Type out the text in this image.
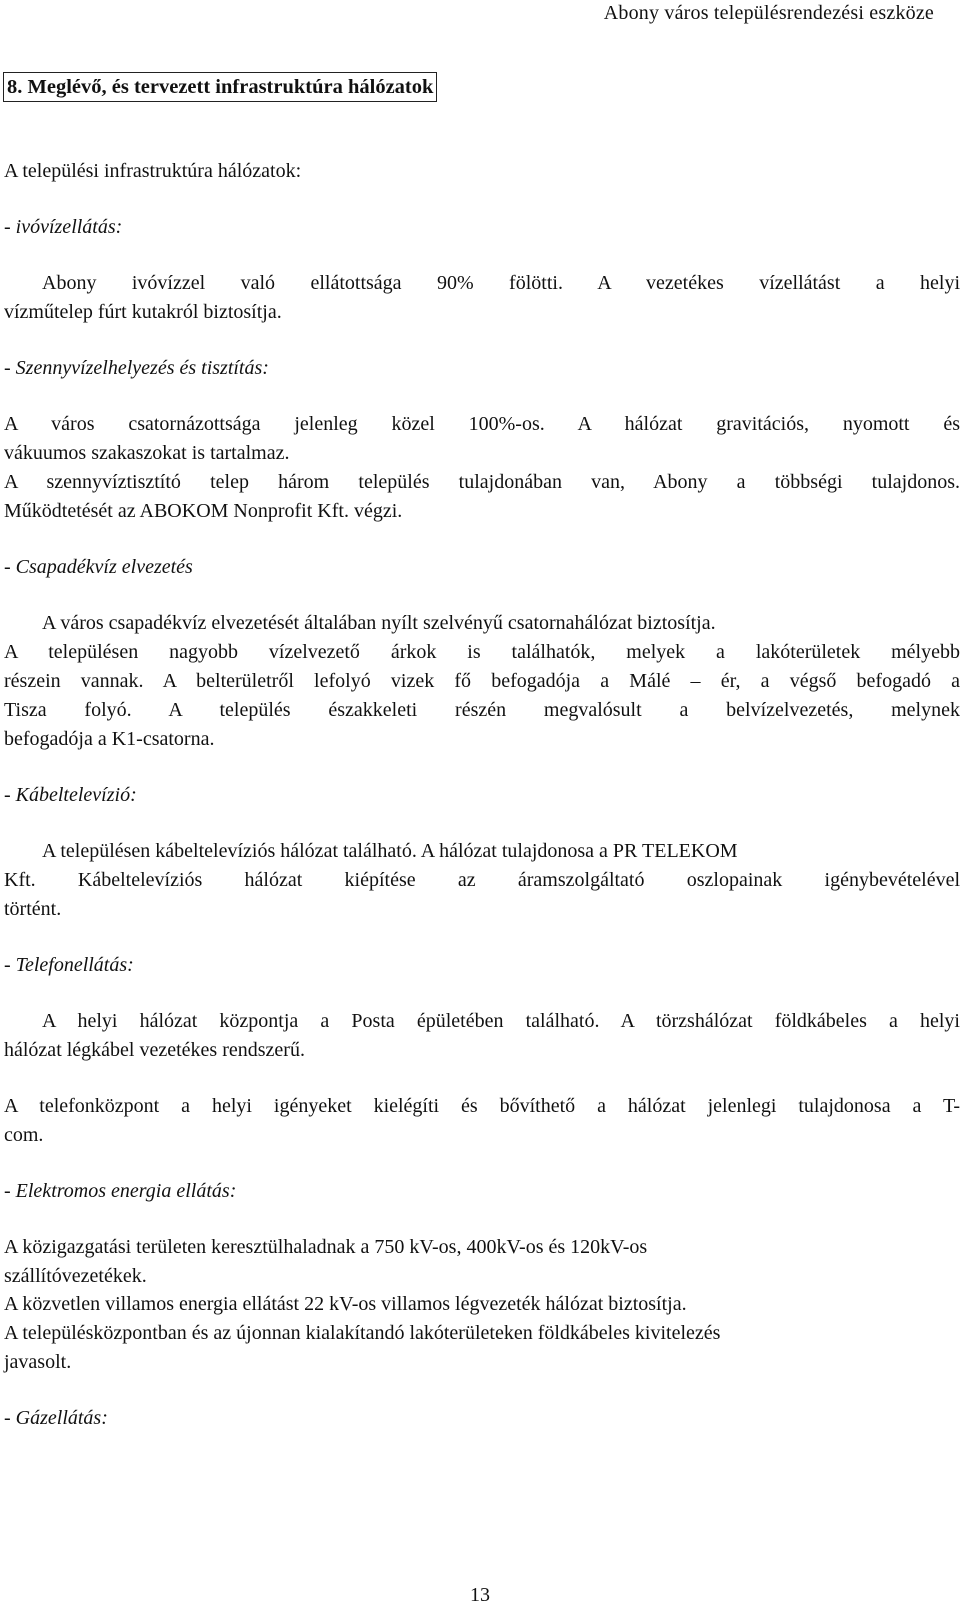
Abony város településrendezési eszköze
8. Meglévő, és tervezett infrastruktúra hálózatok
A települési infrastruktúra hálózatok:
- ivóvízellátás:
Abony ivóvízzel való ellátottsága 90% fölötti. A vezetékes vízellátást a helyi
vízműtelep fúrt kutakról biztosítja.
- Szennyvízelhelyezés és tisztítás:
A város csatornázottsága jelenleg közel 100%-os. A hálózat gravitációs, nyomott és
vákuumos szakaszokat is tartalmaz.
A szennyvíztisztító telep három település tulajdonában van, Abony a többségi tulajdonos.
Működtetését az ABOKOM Nonprofit Kft. végzi.
- Csapadékvíz elvezetés
A város csapadékvíz elvezetését általában nyílt szelvényű csatornahálózat biztosítja.
A településen nagyobb vízelvezető árkok is találhatók, melyek a lakóterületek mélyebb
részein vannak. A belterületről lefolyó vizek fő befogadója a Málé – ér, a végső befogadó a
Tisza folyó. A település északkeleti részén megvalósult a belvízelvezetés, melynek
befogadója a K1-csatorna.
- Kábeltelevízió:
A településen kábeltelevíziós hálózat található. A hálózat tulajdonosa a PR TELEKOM
Kft. Kábeltelevíziós hálózat kiépítése az áramszolgáltató oszlopainak igénybevételével
történt.
- Telefonellátás:
A helyi hálózat központja a Posta épületében található. A törzshálózat földkábeles a helyi
hálózat légkábel vezetékes rendszerű.
A telefonközpont a helyi igényeket kielégíti és bővíthető a hálózat jelenlegi tulajdonosa a T-
com.
- Elektromos energia ellátás:
A közigazgatási területen keresztülhaladnak a 750 kV-os, 400kV-os és 120kV-os
szállítóvezetékek.
A közvetlen villamos energia ellátást 22 kV-os villamos légvezeték hálózat biztosítja.
A településközpontban és az újonnan kialakítandó lakóterületeken földkábeles kivitelezés
javasolt.
- Gázellátás:
13
